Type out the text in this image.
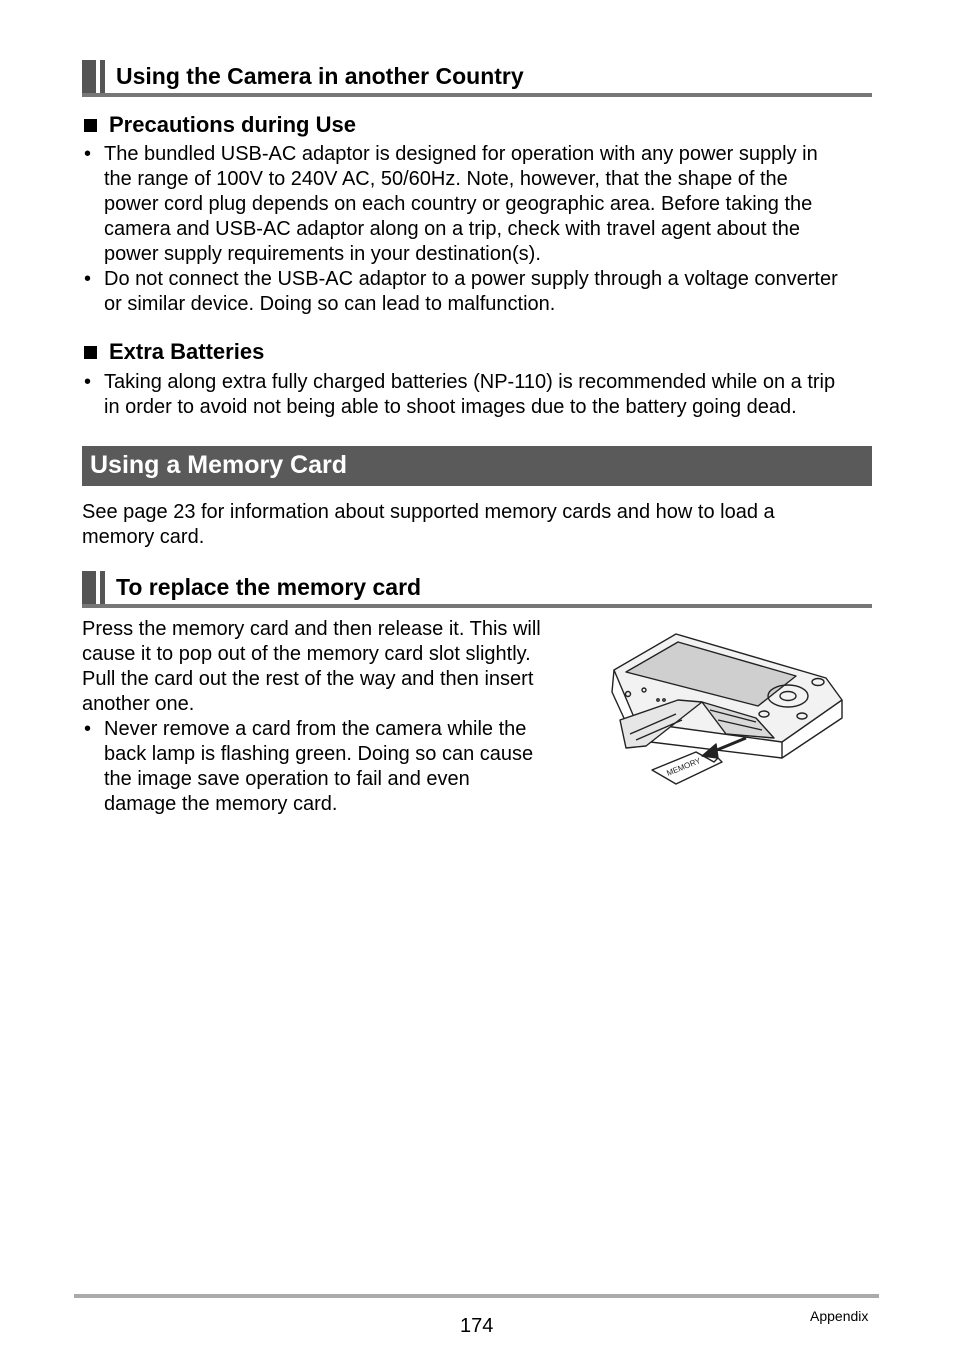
Using the Camera in another Country
Precautions during Use
• The bundled USB-AC adaptor is designed for operation with any power supply in
the range of 100V to 240V AC, 50/60Hz. Note, however, that the shape of the
power cord plug depends on each country or geographic area. Before taking the
camera and USB-AC adaptor along on a trip, check with travel agent about the
power supply requirements in your destination(s).
• Do not connect the USB-AC adaptor to a power supply through a voltage converter
or similar device. Doing so can lead to malfunction.
Extra Batteries
• Taking along extra fully charged batteries (NP-110) is recommended while on a trip
in order to avoid not being able to shoot images due to the battery going dead.
Using a Memory Card
See page 23 for information about supported memory cards and how to load a
memory card.
To replace the memory card
Press the memory card and then release it. This will
cause it to pop out of the memory card slot slightly.
Pull the card out the rest of the way and then insert
another one.
• Never remove a card from the camera while the
back lamp is flashing green. Doing so can cause
the image save operation to fail and even
damage the memory card.
MEMORY
174	Appendix
